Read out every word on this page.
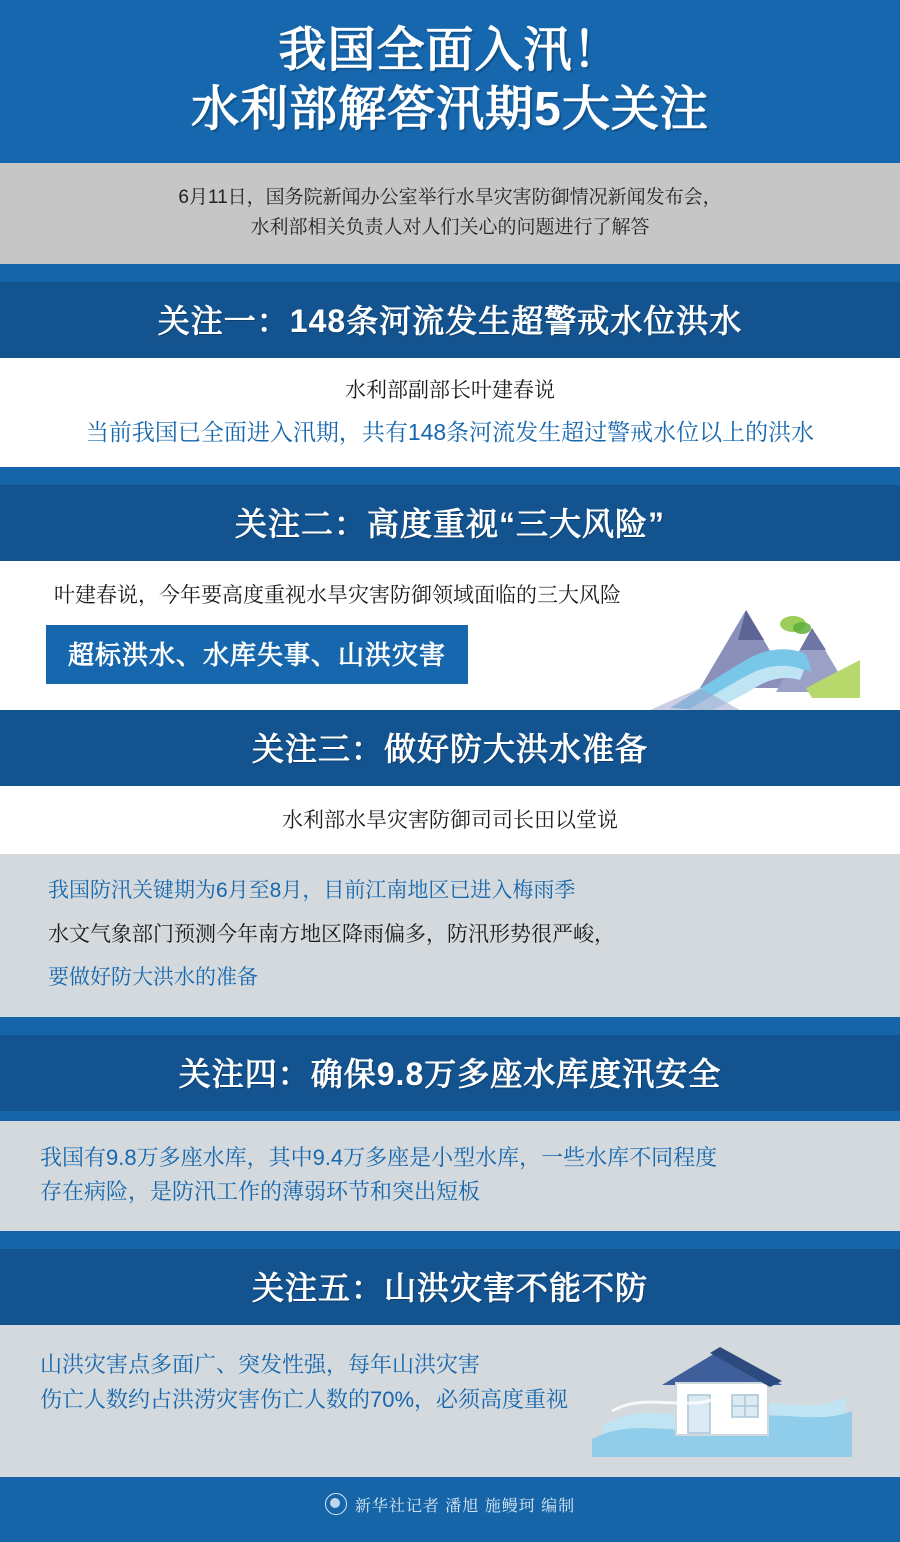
我国全面入汛！
水利部解答汛期5大关注

6月11日，国务院新闻办公室举行水旱灾害防御情况新闻发布会，

水利部相关负责人对人们关心的问题进行了解答

关注一：148条河流发生超警戒水位洪水
水利部副部长叶建春说
当前我国已全面进入汛期，共有148条河流发生超过警戒水位以上的洪水
关注二：高度重视“三大风险”

叶建春说，今年要高度重视水旱灾害防御领域面临的三大风险

超标洪水、水库失事、山洪灾害
关注三：做好防大洪水准备
水利部水旱灾害防御司司长田以堂说

我国防汛关键期为6月至8月，目前江南地区已进入梅雨季

水文气象部门预测今年南方地区降雨偏多，防汛形势很严峻，

要做好防大洪水的准备

关注四：确保9.8万多座水库度汛安全

我国有9.8万多座水库，其中9.4万多座是小型水库，一些水库不同程度

存在病险，是防汛工作的薄弱环节和突出短板

关注五：山洪灾害不能不防

山洪灾害点多面广、突发性强，每年山洪灾害

伤亡人数约占洪涝灾害伤亡人数的70%，必须高度重视

新华社记者 潘旭 施鳗珂 编制
